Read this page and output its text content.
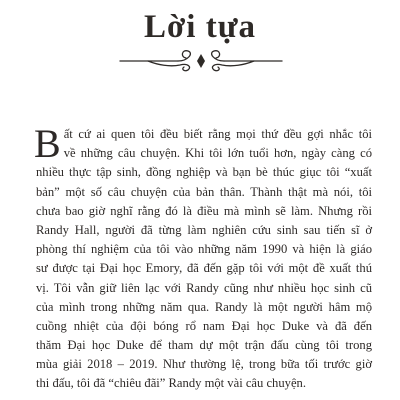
Lời tựa

B ất cứ ai quen tôi đều biết rằng mọi thứ đều gợi nhắc tôi
về những câu chuyện. Khi tôi lớn tuổi hơn, ngày càng có
nhiều thực tập sinh, đồng nghiệp và bạn bè thúc giục tôi “xuất
bản” một số câu chuyện của bản thân. Thành thật mà nói, tôi
chưa bao giờ nghĩ rằng đó là điều mà mình sẽ làm. Nhưng rồi
Randy Hall, người đã từng làm nghiên cứu sinh sau tiến sĩ ở
phòng thí nghiệm của tôi vào những năm 1990 và hiện là giáo
sư được tại Đại học Emory, đã đến gặp tôi với một đề xuất thú
vị. Tôi vẫn giữ liên lạc với Randy cũng như nhiều học sinh cũ
của mình trong những năm qua. Randy là một người hâm mộ
cuồng nhiệt của đội bóng rổ nam Đại học Duke và đã đến
thăm Đại học Duke để tham dự một trận đấu cùng tôi trong
mùa giải 2018 – 2019. Như thường lệ, trong bữa tối trước giờ
thi đấu, tôi đã “chiêu đãi” Randy một vài câu chuyện.
